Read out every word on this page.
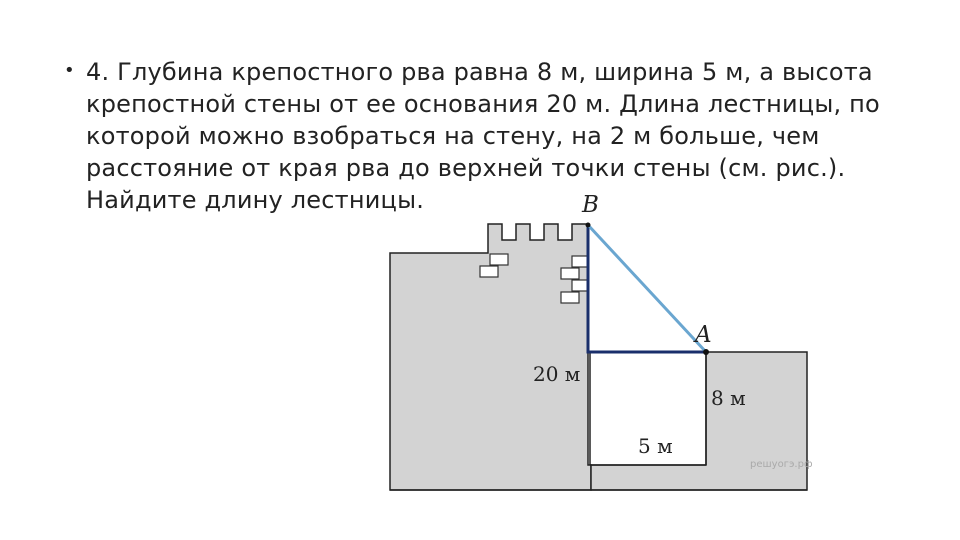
• 4. Глубина крепостного рва равна 8 м, ширина 5 м, а высота крепостной стены от ее основания 20 м. Длина лестницы, по которой можно взобраться на стену, на 2 м больше, чем расстояние от края рва до верхней точки стены (см. рис.). Найдите длину лестницы.	B
A
20 м
8 м
5 м
решуогэ.рф
